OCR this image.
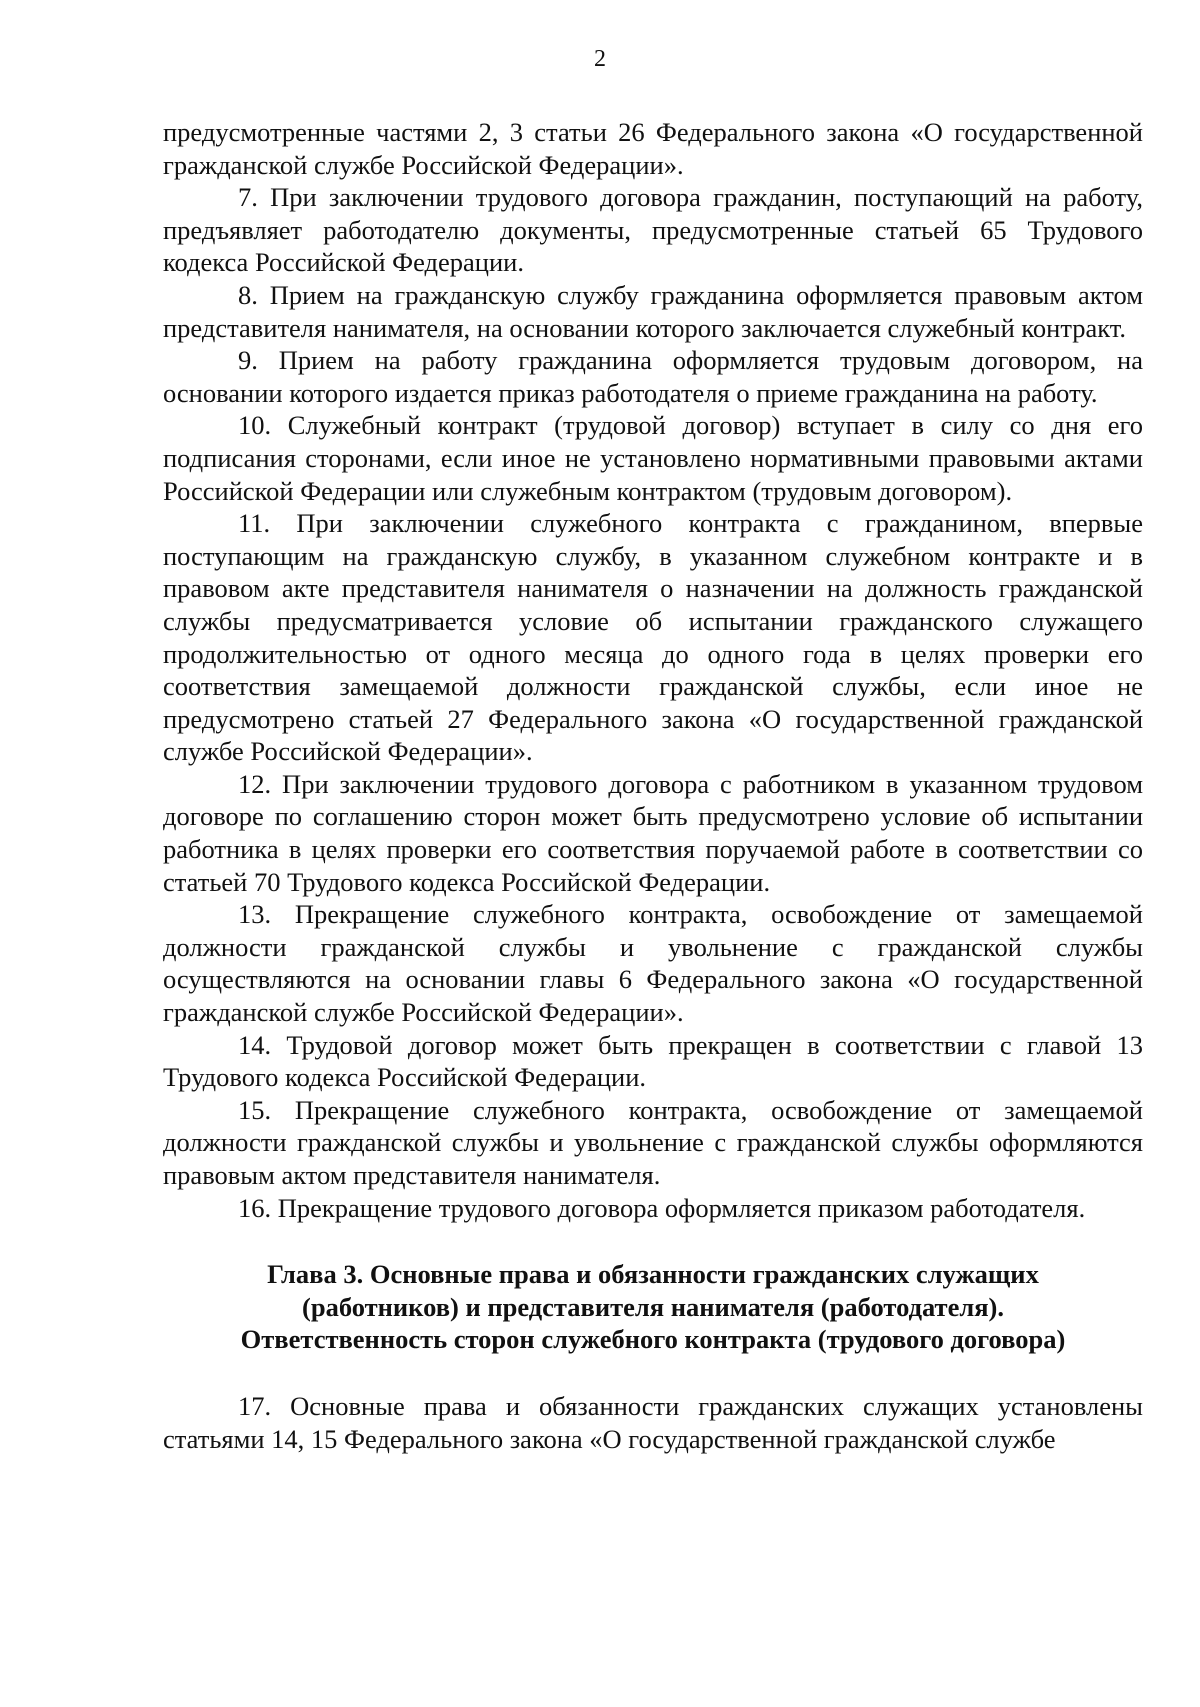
2

предусмотренные частями 2, 3 статьи 26 Федерального закона «О государственной гражданской службе Российской Федерации».

7. При заключении трудового договора гражданин, поступающий на работу, предъявляет работодателю документы, предусмотренные статьей 65 Трудового кодекса Российской Федерации.

8. Прием на гражданскую службу гражданина оформляется правовым актом представителя нанимателя, на основании которого заключается служебный контракт.

9. Прием на работу гражданина оформляется трудовым договором, на основании которого издается приказ работодателя о приеме гражданина на работу.

10. Служебный контракт (трудовой договор) вступает в силу со дня его подписания сторонами, если иное не установлено нормативными правовыми актами Российской Федерации или служебным контрактом (трудовым договором).

11. При заключении служебного контракта с гражданином, впервые поступающим на гражданскую службу, в указанном служебном контракте и в правовом акте представителя нанимателя о назначении на должность гражданской службы предусматривается условие об испытании гражданского служащего продолжительностью от одного месяца до одного года в целях проверки его соответствия замещаемой должности гражданской службы, если иное не предусмотрено статьей 27 Федерального закона «О государственной гражданской службе Российской Федерации».

12. При заключении трудового договора с работником в указанном трудовом договоре по соглашению сторон может быть предусмотрено условие об испытании работника в целях проверки его соответствия поручаемой работе в соответствии со статьей 70 Трудового кодекса Российской Федерации.

13. Прекращение служебного контракта, освобождение от замещаемой должности гражданской службы и увольнение с гражданской службы осуществляются на основании главы 6 Федерального закона «О государственной гражданской службе Российской Федерации».

14. Трудовой договор может быть прекращен в соответствии с главой 13 Трудового кодекса Российской Федерации.

15. Прекращение служебного контракта, освобождение от замещаемой должности гражданской службы и увольнение с гражданской службы оформляются правовым актом представителя нанимателя.

16. Прекращение трудового договора оформляется приказом работодателя.

Глава 3. Основные права и обязанности гражданских служащих
(работников) и представителя нанимателя (работодателя).
Ответственность сторон служебного контракта (трудового договора)

17. Основные права и обязанности гражданских служащих установлены статьями 14, 15 Федерального закона «О государственной гражданской службе
